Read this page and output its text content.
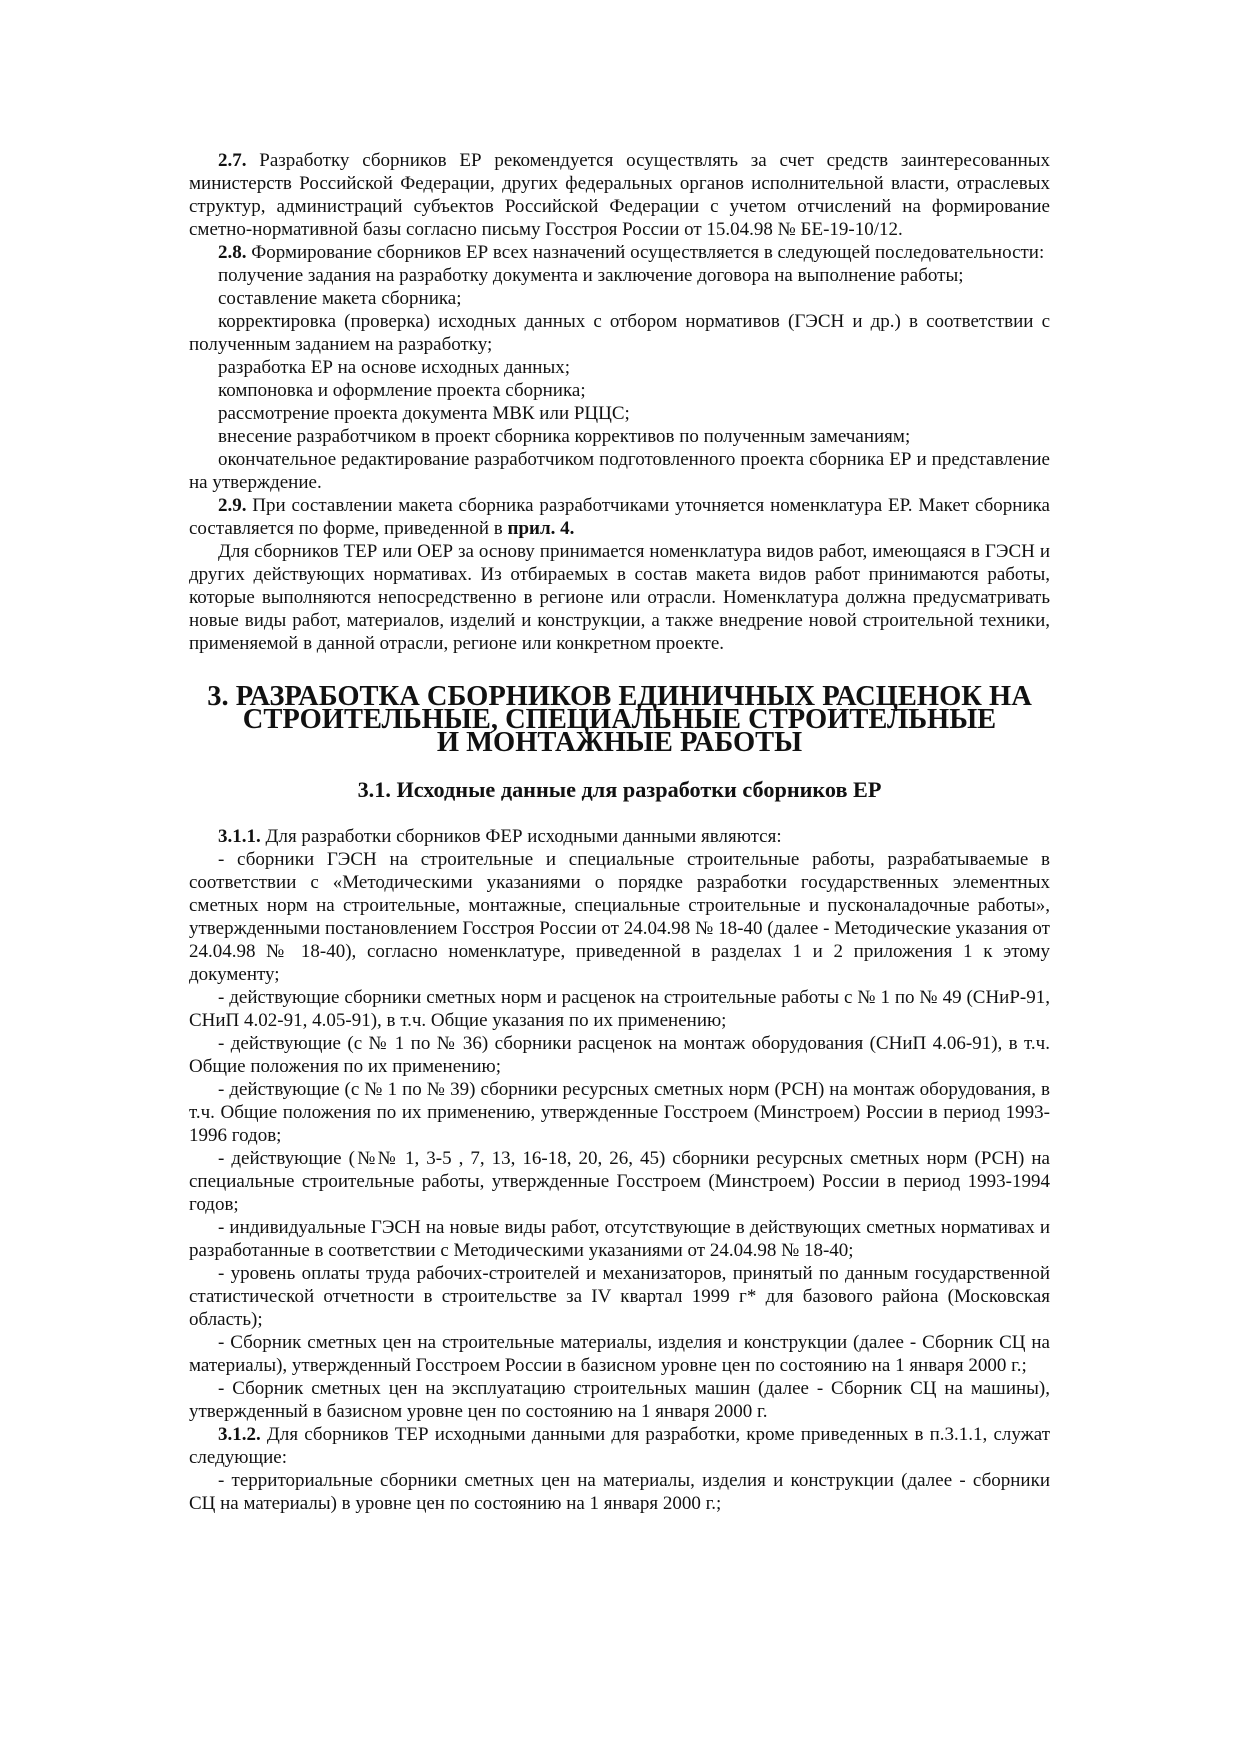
2.7. Разработку сборников ЕР рекомендуется осуществлять за счет средств заинтересованных министерств Российской Федерации, других федеральных органов исполнительной власти, отраслевых структур, администраций субъектов Российской Федерации с учетом отчислений на формирование сметно-нормативной базы согласно письму Госстроя России от 15.04.98 № БЕ-19-10/12.

2.8. Формирование сборников ЕР всех назначений осуществляется в следующей последовательности:

получение задания на разработку документа и заключение договора на выполнение работы;

составление макета сборника;

корректировка (проверка) исходных данных с отбором нормативов (ГЭСН и др.) в соответствии с полученным заданием на разработку;

разработка ЕР на основе исходных данных;

компоновка и оформление проекта сборника;

рассмотрение проекта документа МВК или РЦЦС;

внесение разработчиком в проект сборника коррективов по полученным замечаниям;

окончательное редактирование разработчиком подготовленного проекта сборника ЕР и представление на утверждение.

2.9. При составлении макета сборника разработчиками уточняется номенклатура ЕР. Макет сборника составляется по форме, приведенной в прил. 4.

Для сборников ТЕР или ОЕР за основу принимается номенклатура видов работ, имеющаяся в ГЭСН и других действующих нормативах. Из отбираемых в состав макета видов работ принимаются работы, которые выполняются непосредственно в регионе или отрасли. Номенклатура должна предусматривать новые виды работ, материалов, изделий и конструкции, а также внедрение новой строительной техники, применяемой в данной отрасли, регионе или конкретном проекте.

3. РАЗРАБОТКА СБОРНИКОВ ЕДИНИЧНЫХ РАСЦЕНОК НА
СТРОИТЕЛЬНЫЕ, СПЕЦИАЛЬНЫЕ СТРОИТЕЛЬНЫЕ
И МОНТАЖНЫЕ РАБОТЫ
3.1. Исходные данные для разработки сборников ЕР

3.1.1. Для разработки сборников ФЕР исходными данными являются:

- сборники ГЭСН на строительные и специальные строительные работы, разрабатываемые в соответствии с «Методическими указаниями о порядке разработки государственных элементных сметных норм на строительные, монтажные, специальные строительные и пусконаладочные работы», утвержденными постановлением Госстроя России от 24.04.98 № 18-40 (далее - Методические указания от 24.04.98 № 18-40), согласно номенклатуре, приведенной в разделах 1 и 2 приложения 1 к этому документу;

- действующие сборники сметных норм и расценок на строительные работы с № 1 по № 49 (СНиР-91, СНиП 4.02-91, 4.05-91), в т.ч. Общие указания по их применению;

- действующие (с № 1 по № 36) сборники расценок на монтаж оборудования (СНиП 4.06-91), в т.ч. Общие положения по их применению;

- действующие (с № 1 по № 39) сборники ресурсных сметных норм (РСН) на монтаж оборудования, в т.ч. Общие положения по их применению, утвержденные Госстроем (Минстроем) России в период 1993-1996 годов;

- действующие (№№ 1, 3-5 , 7, 13, 16-18, 20, 26, 45) сборники ресурсных сметных норм (РСН) на специальные строительные работы, утвержденные Госстроем (Минстроем) России в период 1993-1994 годов;

- индивидуальные ГЭСН на новые виды работ, отсутствующие в действующих сметных нормативах и разработанные в соответствии с Методическими указаниями от 24.04.98 № 18-40;

- уровень оплаты труда рабочих-строителей и механизаторов, принятый по данным государственной статистической отчетности в строительстве за IV квартал 1999 г* для базового района (Московская область);

- Сборник сметных цен на строительные материалы, изделия и конструкции (далее - Сборник СЦ на материалы), утвержденный Госстроем России в базисном уровне цен по состоянию на 1 января 2000 г.;

- Сборник сметных цен на эксплуатацию строительных машин (далее - Сборник СЦ на машины), утвержденный в базисном уровне цен по состоянию на 1 января 2000 г.

3.1.2. Для сборников ТЕР исходными данными для разработки, кроме приведенных в п.3.1.1, служат следующие:

- территориальные сборники сметных цен на материалы, изделия и конструкции (далее - сборники СЦ на материалы) в уровне цен по состоянию на 1 января 2000 г.;
